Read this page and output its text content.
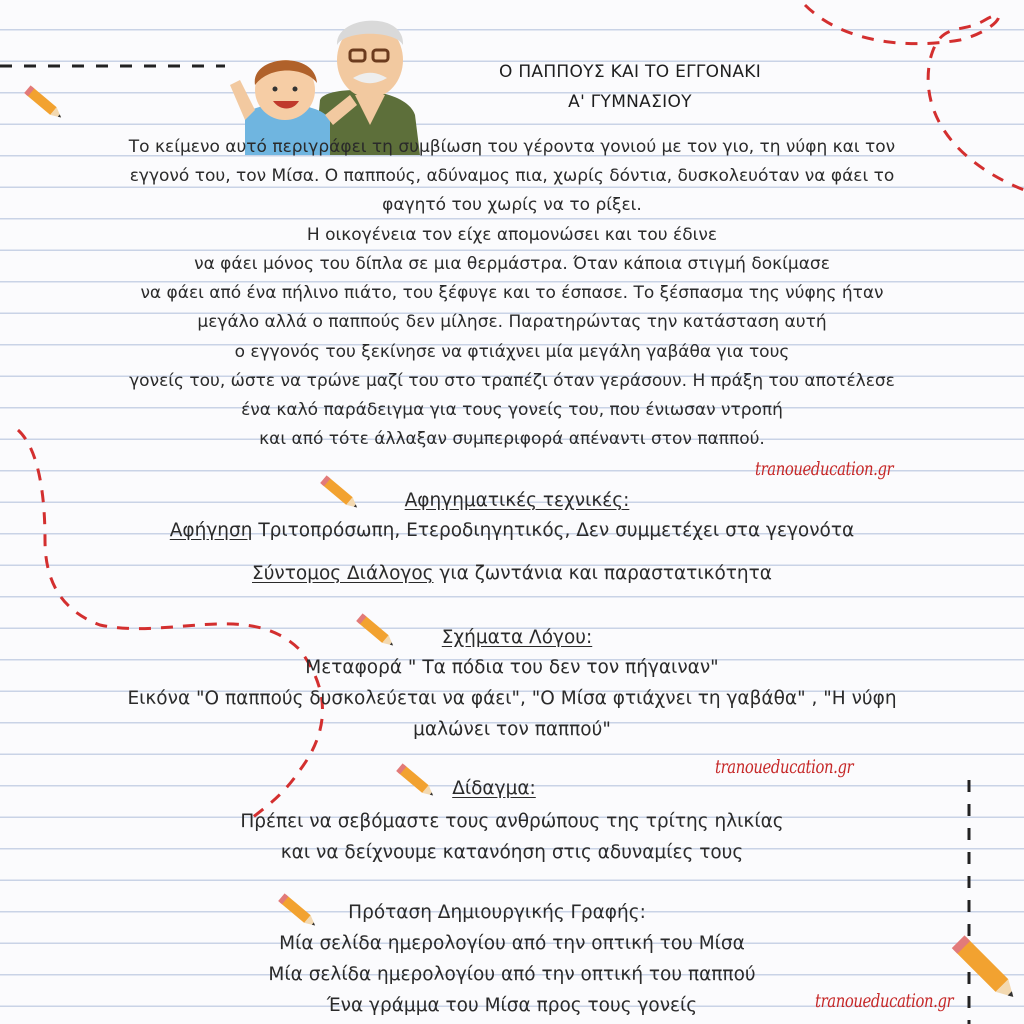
Ο ΠΑΠΠΟΥΣ ΚΑΙ ΤΟ ΕΓΓΟΝΑΚΙ
Α' ΓΥΜΝΑΣΙΟΥ
Το κείμενο αυτό περιγράφει τη συμβίωση του γέροντα γονιού με τον γιο, τη νύφη και τον
εγγονό του, τον Μίσα. Ο παππούς, αδύναμος πια, χωρίς δόντια, δυσκολευόταν να φάει το
φαγητό του χωρίς να το ρίξει.
Η οικογένεια τον είχε απομονώσει και του έδινε
να φάει μόνος του δίπλα σε μια θερμάστρα. Όταν κάποια στιγμή δοκίμασε
να φάει από ένα πήλινο πιάτο, του ξέφυγε και το έσπασε. Το ξέσπασμα της νύφης ήταν
μεγάλο αλλά ο παππούς δεν μίλησε. Παρατηρώντας την κατάσταση αυτή
ο εγγονός του ξεκίνησε να φτιάχνει μία μεγάλη γαβάθα για τους
γονείς του, ώστε να τρώνε μαζί του στο τραπέζι όταν γεράσουν. Η πράξη του αποτέλεσε
ένα καλό παράδειγμα για τους γονείς του, που ένιωσαν ντροπή
και από τότε άλλαξαν συμπεριφορά απέναντι στον παππού.
tranoueducation.gr
tranoueducation.gr
tranoueducation.gr
Αφηγηματικές τεχνικές:
Αφήγηση Τριτοπρόσωπη, Ετεροδιηγητικός, Δεν συμμετέχει στα γεγονότα
Σύντομος Διάλογος για ζωντάνια και παραστατικότητα
Σχήματα Λόγου:
Μεταφορά " Τα πόδια του δεν τον πήγαιναν"
Εικόνα "Ο παππούς δυσκολεύεται να φάει", "Ο Μίσα φτιάχνει τη γαβάθα" , "Η νύφη
μαλώνει τον παππού"
Δίδαγμα:
Πρέπει να σεβόμαστε τους ανθρώπους της τρίτης ηλικίας
και να δείχνουμε κατανόηση στις αδυναμίες τους
Πρόταση Δημιουργικής Γραφής:
Μία σελίδα ημερολογίου από την οπτική του Μίσα
Μία σελίδα ημερολογίου από την οπτική του παππού
Ένα γράμμα του Μίσα προς τους γονείς
